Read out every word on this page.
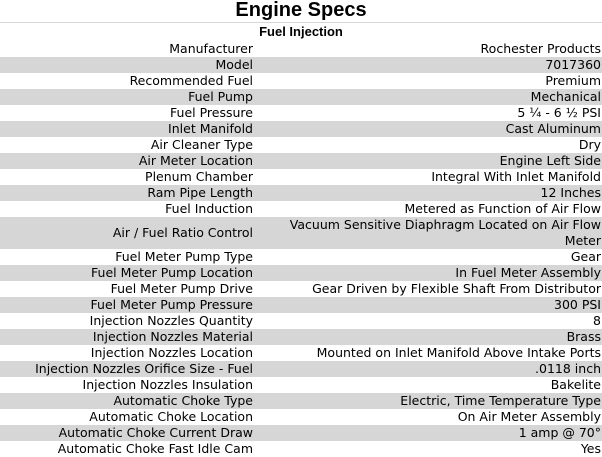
Engine Specs
Fuel Injection
Manufacturer	Rochester Products
Model	7017360
Recommended Fuel	Premium
Fuel Pump	Mechanical
Fuel Pressure	5 ¼ - 6 ½ PSI
Inlet Manifold	Cast Aluminum
Air Cleaner Type	Dry
Air Meter Location	Engine Left Side
Plenum Chamber	Integral With Inlet Manifold
Ram Pipe Length	12 Inches
Fuel Induction	Metered as Function of Air Flow
Air / Fuel Ratio Control	Vacuum Sensitive Diaphragm Located on Air Flow Meter
Fuel Meter Pump Type	Gear
Fuel Meter Pump Location	In Fuel Meter Assembly
Fuel Meter Pump Drive	Gear Driven by Flexible Shaft From Distributor
Fuel Meter Pump Pressure	300 PSI
Injection Nozzles Quantity	8
Injection Nozzles Material	Brass
Injection Nozzles Location	Mounted on Inlet Manifold Above Intake Ports
Injection Nozzles Orifice Size - Fuel	.0118 inch
Injection Nozzles Insulation	Bakelite
Automatic Choke Type	Electric, Time Temperature Type
Automatic Choke Location	On Air Meter Assembly
Automatic Choke Current Draw	1 amp @ 70°
Automatic Choke Fast Idle Cam	Yes
